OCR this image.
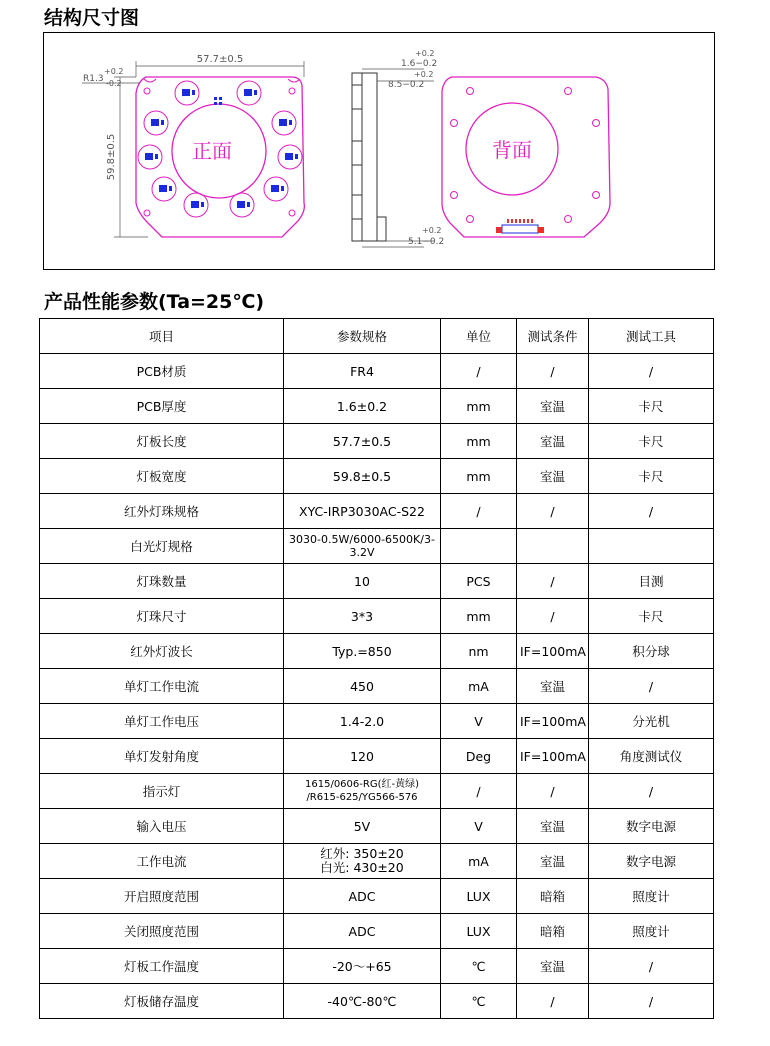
结构尺寸图
正面
57.7±0.5
59.8±0.5
R1.3
+0.2
-0.2
+0.2
1.6−0.2
+0.2
8.5−0.2
+0.2
5.1−0.2
背面
产品性能参数(Ta=25℃)
项目	参数规格	单位	测试条件	测试工具
PCB材质	FR4	/	/	/
PCB厚度	1.6±0.2	mm	室温	卡尺
灯板长度	57.7±0.5	mm	室温	卡尺
灯板宽度	59.8±0.5	mm	室温	卡尺
红外灯珠规格	XYC-IRP3030AC-S22	/	/	/
白光灯规格	3030-0.5W/6000-6500K/3-3.2V			
灯珠数量	10	PCS	/	目测
灯珠尺寸	3*3	mm	/	卡尺
红外灯波长	Typ.=850	nm	IF=100mA	积分球
单灯工作电流	450	mA	室温	/
单灯工作电压	1.4-2.0	V	IF=100mA	分光机
单灯发射角度	120	Deg	IF=100mA	角度测试仪
指示灯	1615/0606-RG(红-黄绿) /R615-625/YG566-576	/	/	/
输入电压	5V	V	室温	数字电源
工作电流	红外: 350±20
白光: 430±20	mA	室温	数字电源
开启照度范围	ADC	LUX	暗箱	照度计
关闭照度范围	ADC	LUX	暗箱	照度计
灯板工作温度	-20～+65	℃	室温	/
灯板储存温度	-40℃-80℃	℃	/	/
